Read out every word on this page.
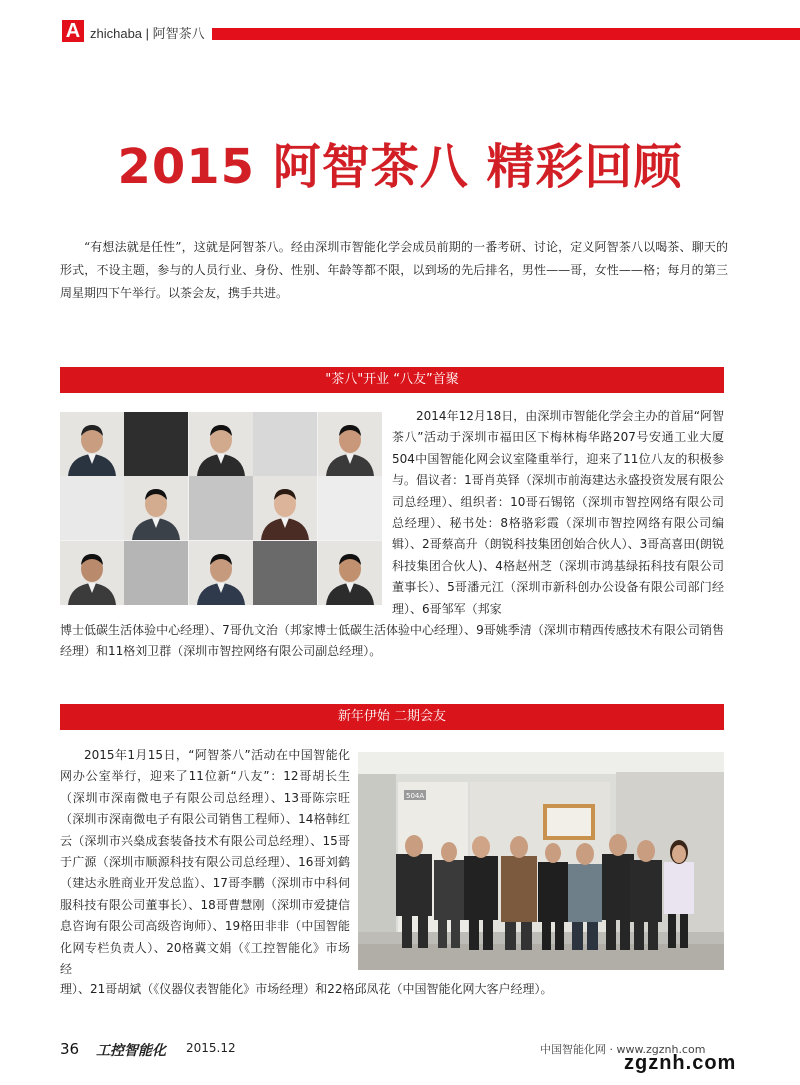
A zhichaba | 阿智茶八
2015 阿智茶八 精彩回顾
“有想法就是任性”，这就是阿智茶八。经由深圳市智能化学会成员前期的一番考研、讨论，定义阿智茶八以喝茶、聊天的形式，不设主题，参与的人员行业、身份、性别、年龄等都不限，以到场的先后排名，男性——哥，女性——格；每月的第三周星期四下午举行。以茶会友，携手共进。
"茶八"开业 “八友”首聚
2014年12月18日，由深圳市智能化学会主办的首届“阿智茶八”活动于深圳市福田区下梅林梅华路207号安通工业大厦504中国智能化网会议室隆重举行，迎来了11位八友的积极参与。倡议者：1哥肖英铎（深圳市前海建达永盛投资发展有限公司总经理）、组织者：10哥石锡铭（深圳市智控网络有限公司总经理）、秘书处：8格骆彩霞（深圳市智控网络有限公司编辑）、2哥蔡高升（朗锐科技集团创始合伙人）、3哥高喜田(朗锐科技集团合伙人)、4格赵州芝（深圳市鸿基绿拓科技有限公司董事长）、5哥潘元江（深圳市新科创办公设备有限公司部门经理）、6哥邹军（邦家
博士低碳生活体验中心经理）、7哥仇文治（邦家博士低碳生活体验中心经理）、9哥姚季清（深圳市精西传感技术有限公司销售经理）和11格刘卫群（深圳市智控网络有限公司副总经理）。
新年伊始 二期会友
2015年1月15日，“阿智茶八”活动在中国智能化网办公室举行，迎来了11位新“八友”：12哥胡长生（深圳市深南微电子有限公司总经理）、13哥陈宗旺（深圳市深南微电子有限公司销售工程师）、14格韩红云（深圳市兴燊成套装备技术有限公司总经理）、15哥于广源（深圳市顺源科技有限公司总经理）、16哥刘鹤（建达永胜商业开发总监）、17哥李鹏（深圳市中科伺服科技有限公司董事长）、18哥曹慧刚（深圳市爱捷信息咨询有限公司高级咨询师）、19格田非非（中国智能化网专栏负责人）、20格冀文娟（《工控智能化》市场经
504A
理）、21哥胡斌（《仪器仪表智能化》市场经理）和22格邱凤花（中国智能化网大客户经理）。
36 工控智能化 2015.12	中国智能化网 · www.zgznh.com
zgznh.com
